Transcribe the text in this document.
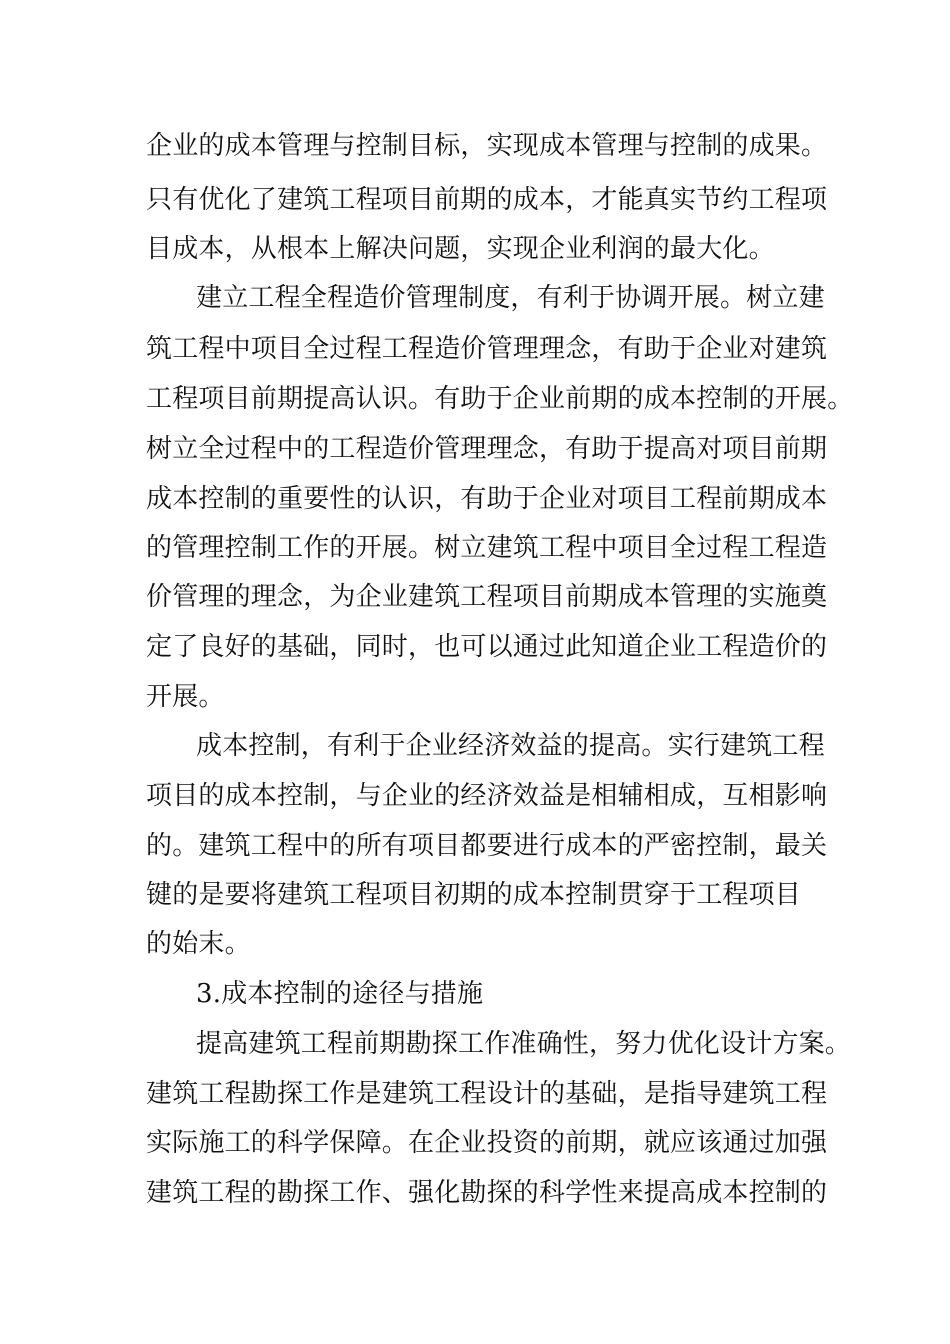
企业的成本管理与控制目标，实现成本管理与控制的成果。
只有优化了建筑工程项目前期的成本，才能真实节约工程项
目成本，从根本上解决问题，实现企业利润的最大化。
建立工程全程造价管理制度，有利于协调开展。树立建
筑工程中项目全过程工程造价管理理念，有助于企业对建筑
工程项目前期提高认识。有助于企业前期的成本控制的开展。
树立全过程中的工程造价管理理念，有助于提高对项目前期
成本控制的重要性的认识，有助于企业对项目工程前期成本
的管理控制工作的开展。树立建筑工程中项目全过程工程造
价管理的理念，为企业建筑工程项目前期成本管理的实施奠
定了良好的基础，同时，也可以通过此知道企业工程造价的
开展。
成本控制，有利于企业经济效益的提高。实行建筑工程
项目的成本控制，与企业的经济效益是相辅相成，互相影响
的。建筑工程中的所有项目都要进行成本的严密控制，最关
键的是要将建筑工程项目初期的成本控制贯穿于工程项目
的始末。
3.成本控制的途径与措施
提高建筑工程前期勘探工作准确性，努力优化设计方案。
建筑工程勘探工作是建筑工程设计的基础，是指导建筑工程
实际施工的科学保障。在企业投资的前期，就应该通过加强
建筑工程的勘探工作、强化勘探的科学性来提高成本控制的
